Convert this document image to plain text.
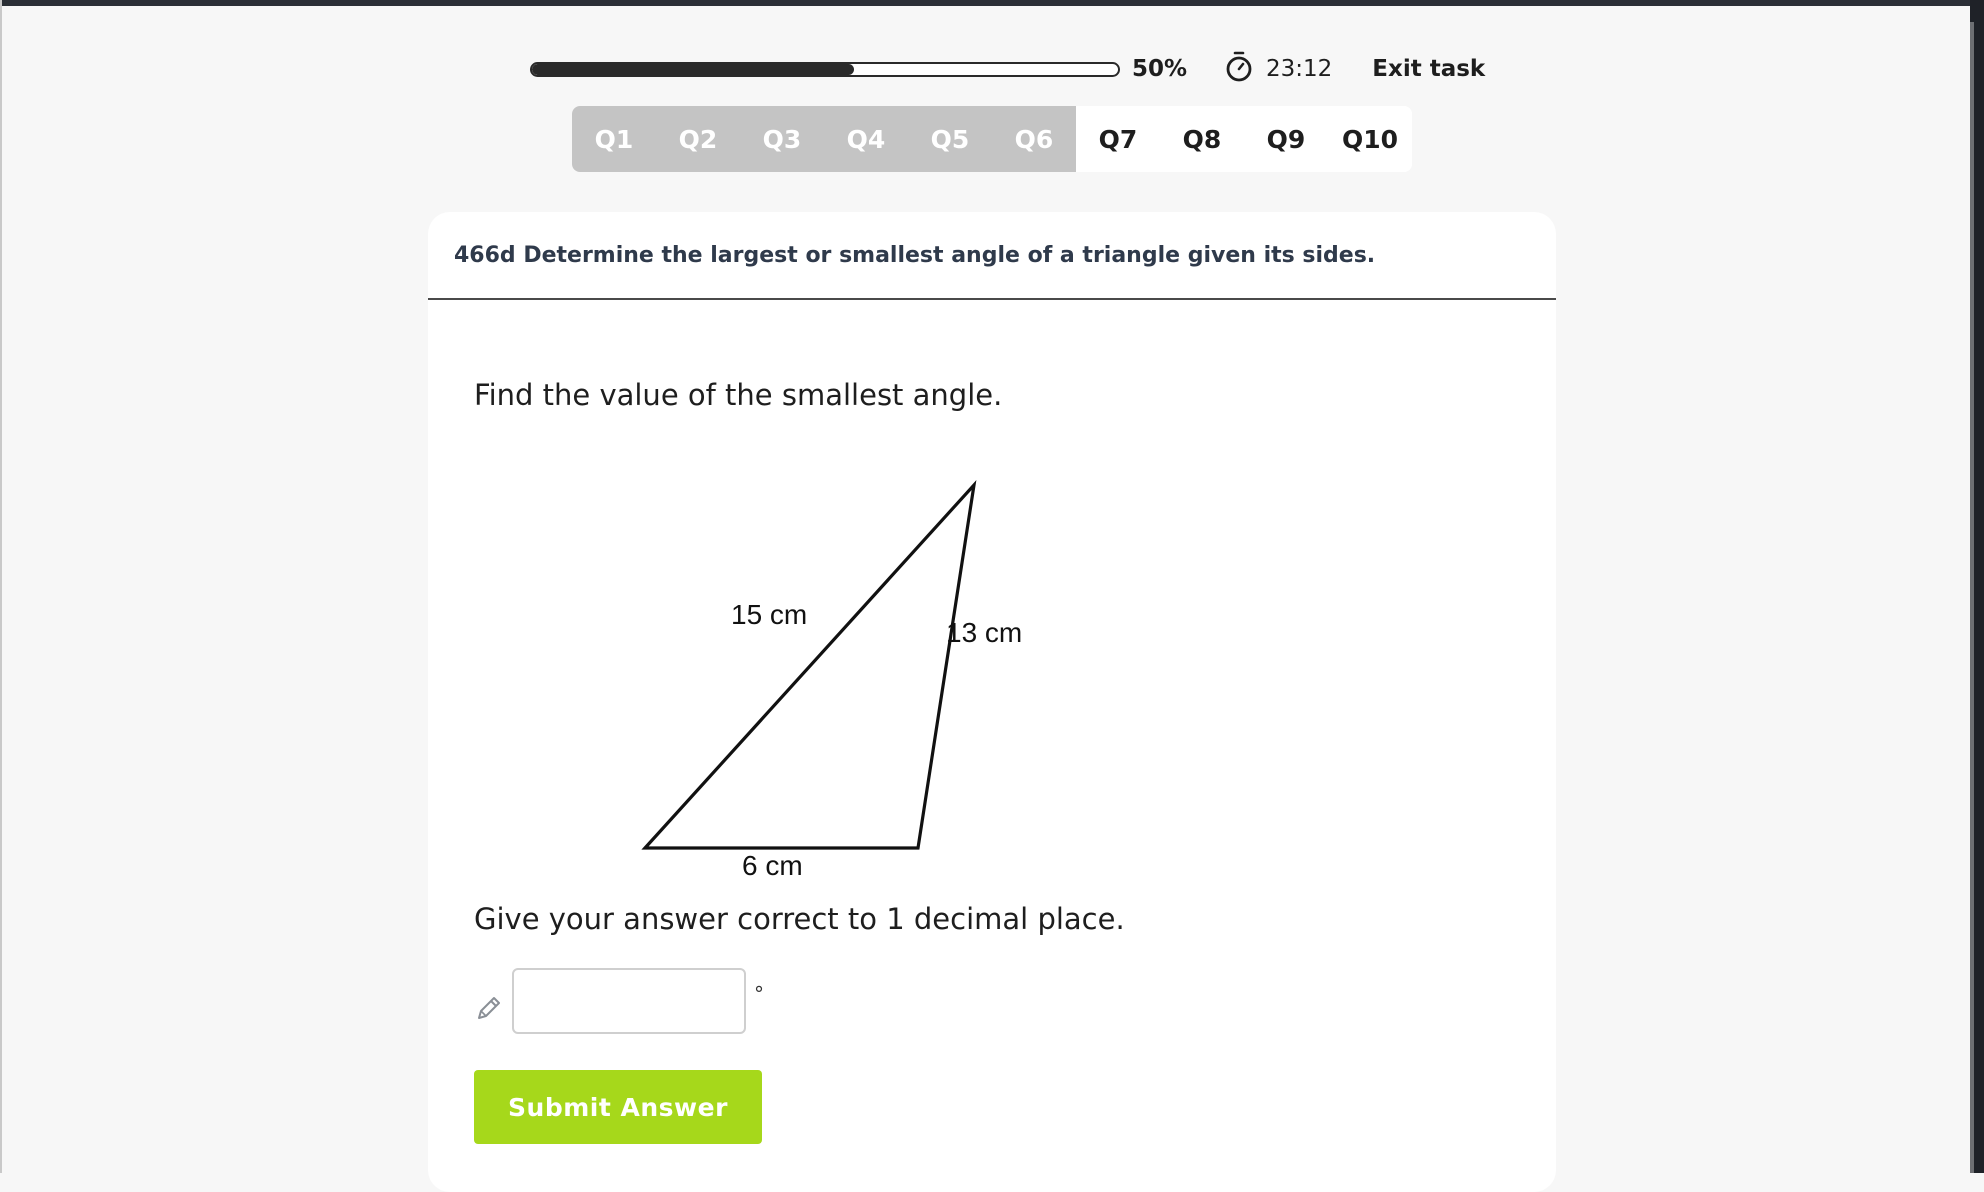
50%	23:12 Exit task
Q1	Q2	Q3	Q4	Q5	Q6	Q7	Q8	Q9	Q10
466d Determine the largest or smallest angle of a triangle given its sides.
Find the value of the smallest angle.
15 cm
13 cm
6 cm
Give your answer correct to 1 decimal place.
°
Submit Answer
